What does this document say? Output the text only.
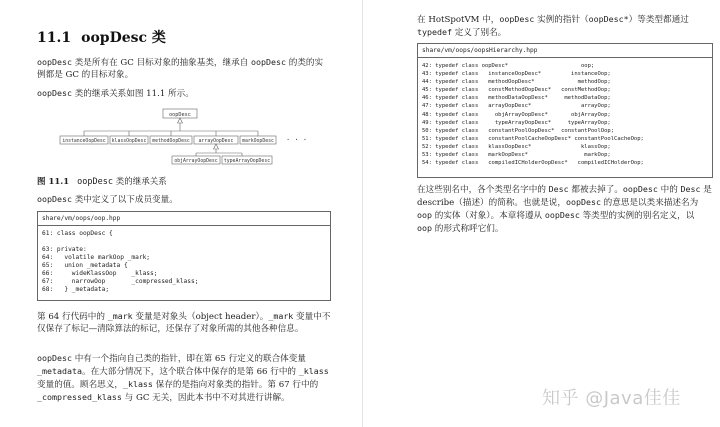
11.1 oopDesc 类

oopDesc 类是所有在 GC 目标对象的抽象基类，继承自 oopDesc 的类的实例都是 GC 的目标对象。

oopDesc 类的继承关系如图 11.1 所示。

oopDesc
instanceOopDesc klassOopDesc methodOopDesc arrayOopDesc markOopDesc · · ·
objArrayOopDesc typeArrayOopDesc
图 11.1 oopDesc 类的继承关系

oopDesc 类中定义了以下成员变量。

share/vm/oops/oop.hpp
61: class oopDesc {

63: private:
64:   volatile markOop _mark;
65:   union _metadata {
66:     wideKlassOop    _klass;
67:     narrowOop       _compressed_klass;
68:   } _metadata;

第 64 行代码中的 _mark 变量是对象头（object header）。_mark 变量中不仅保存了标记—清除算法的标记，还保存了对象所需的其他各种信息。

oopDesc 中有一个指向自己类的指针，即在第 65 行定义的联合体变量 _metadata。在大部分情况下，这个联合体中保存的是第 66 行中的 _klass 变量的值。顾名思义，_klass 保存的是指向对象类的指针。第 67 行中的 _compressed_klass 与 GC 无关，因此本书中不对其进行讲解。

在 HotSpotVM 中，oopDesc 实例的指针（oopDesc*）等类型都通过 typedef 定义了别名。

share/vm/oops/oopsHierarchy.hpp
42: typedef class oopDesc*                      oop;
43: typedef class   instanceOopDesc*         instanceOop;
44: typedef class   methodOopDesc*             methodOop;
45: typedef class   constMethodOopDesc*   constMethodOop;
46: typedef class   methodDataOopDesc*     methodDataOop;
47: typedef class   arrayOopDesc*               arrayOop;
48: typedef class     objArrayOopDesc*       objArrayOop;
49: typedef class     typeArrayOopDesc*     typeArrayOop;
50: typedef class   constantPoolOopDesc*  constantPoolOop;
51: typedef class   constantPoolCacheOopDesc* constantPoolCacheOop;
52: typedef class   klassOopDesc*               klassOop;
53: typedef class   markOopDesc*                 markOop;
54: typedef class   compiledICHolderOopDesc*   compiledICHolderOop;

在这些别名中，各个类型名字中的 Desc 都被去掉了。oopDesc 中的 Desc 是 describe（描述）的简称。也就是说，oopDesc 的意思是以类来描述名为 oop 的实体（对象）。本章将遵从 oopDesc 等类型的实例的别名定义，以 oop 的形式称呼它们。

知乎 @Java佳佳
